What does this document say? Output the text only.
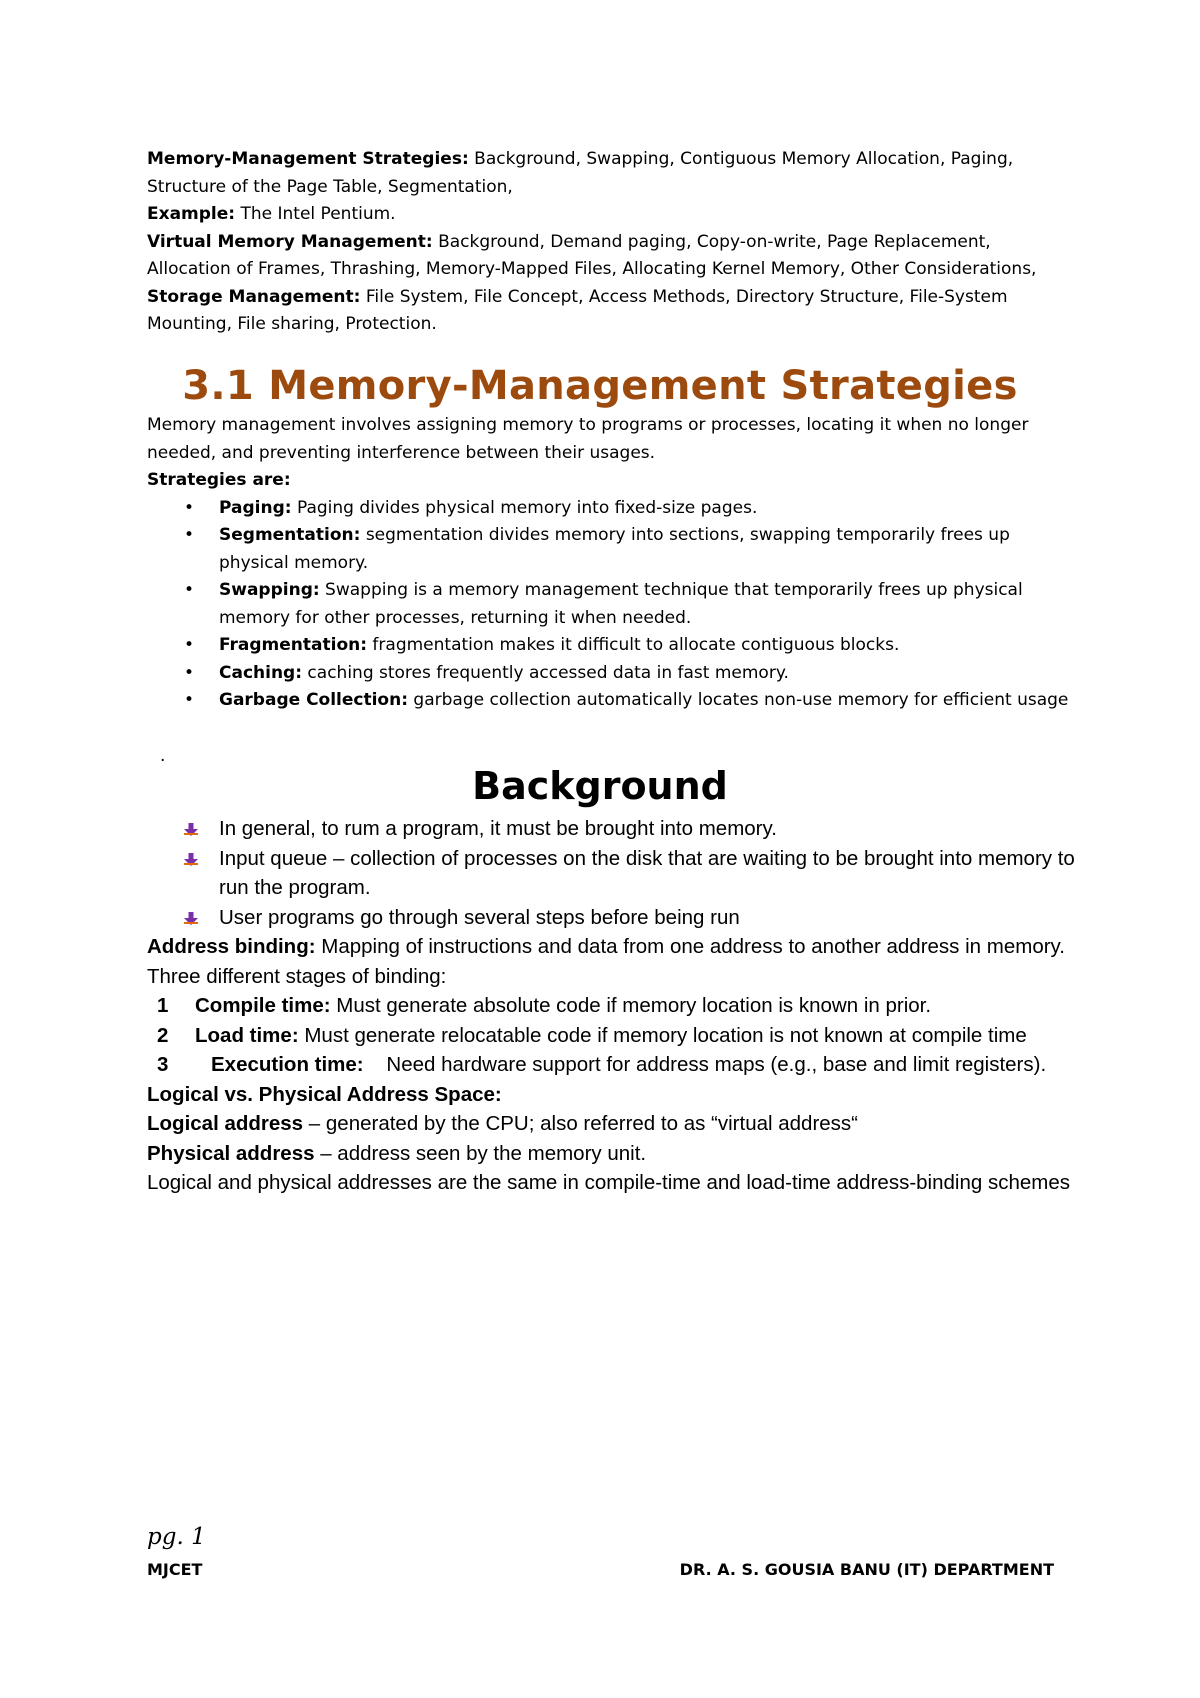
Memory-Management Strategies: Background, Swapping, Contiguous Memory Allocation, Paging, Structure of the Page Table, Segmentation,

Example: The Intel Pentium.

Virtual Memory Management: Background, Demand paging, Copy-on-write, Page Replacement, Allocation of Frames, Thrashing, Memory-Mapped Files, Allocating Kernel Memory, Other Considerations,

Storage Management: File System, File Concept, Access Methods, Directory Structure, File-System Mounting, File sharing, Protection.

3.1 Memory-Management Strategies

Memory management involves assigning memory to programs or processes, locating it when no longer needed, and preventing interference between their usages.

Strategies are:

• Paging: Paging divides physical memory into fixed-size pages.
• Segmentation: segmentation divides memory into sections, swapping temporarily frees up physical memory.
• Swapping: Swapping is a memory management technique that temporarily frees up physical memory for other processes, returning it when needed.
• Fragmentation: fragmentation makes it difficult to allocate contiguous blocks.
• Caching: caching stores frequently accessed data in fast memory.
• Garbage Collection: garbage collection automatically locates non-use memory for efficient usage
.
Background
In general, to rum a program, it must be brought into memory.
Input queue – collection of processes on the disk that are waiting to be brought into memory to run the program.
User programs go through several steps before being run

Address binding: Mapping of instructions and data from one address to another address in memory.

Three different stages of binding:

1 Compile time: Must generate absolute code if memory location is known in prior.

2 Load time: Must generate relocatable code if memory location is not known at compile time

3 Execution time:    Need hardware support for address maps (e.g., base and limit registers).

Logical vs. Physical Address Space:

Logical address – generated by the CPU; also referred to as “virtual address“

Physical address – address seen by the memory unit.

Logical and physical addresses are the same in compile-time and load-time address-binding schemes

pg. 1
MJCET	DR. A. S. GOUSIA BANU (IT) DEPARTMENT
